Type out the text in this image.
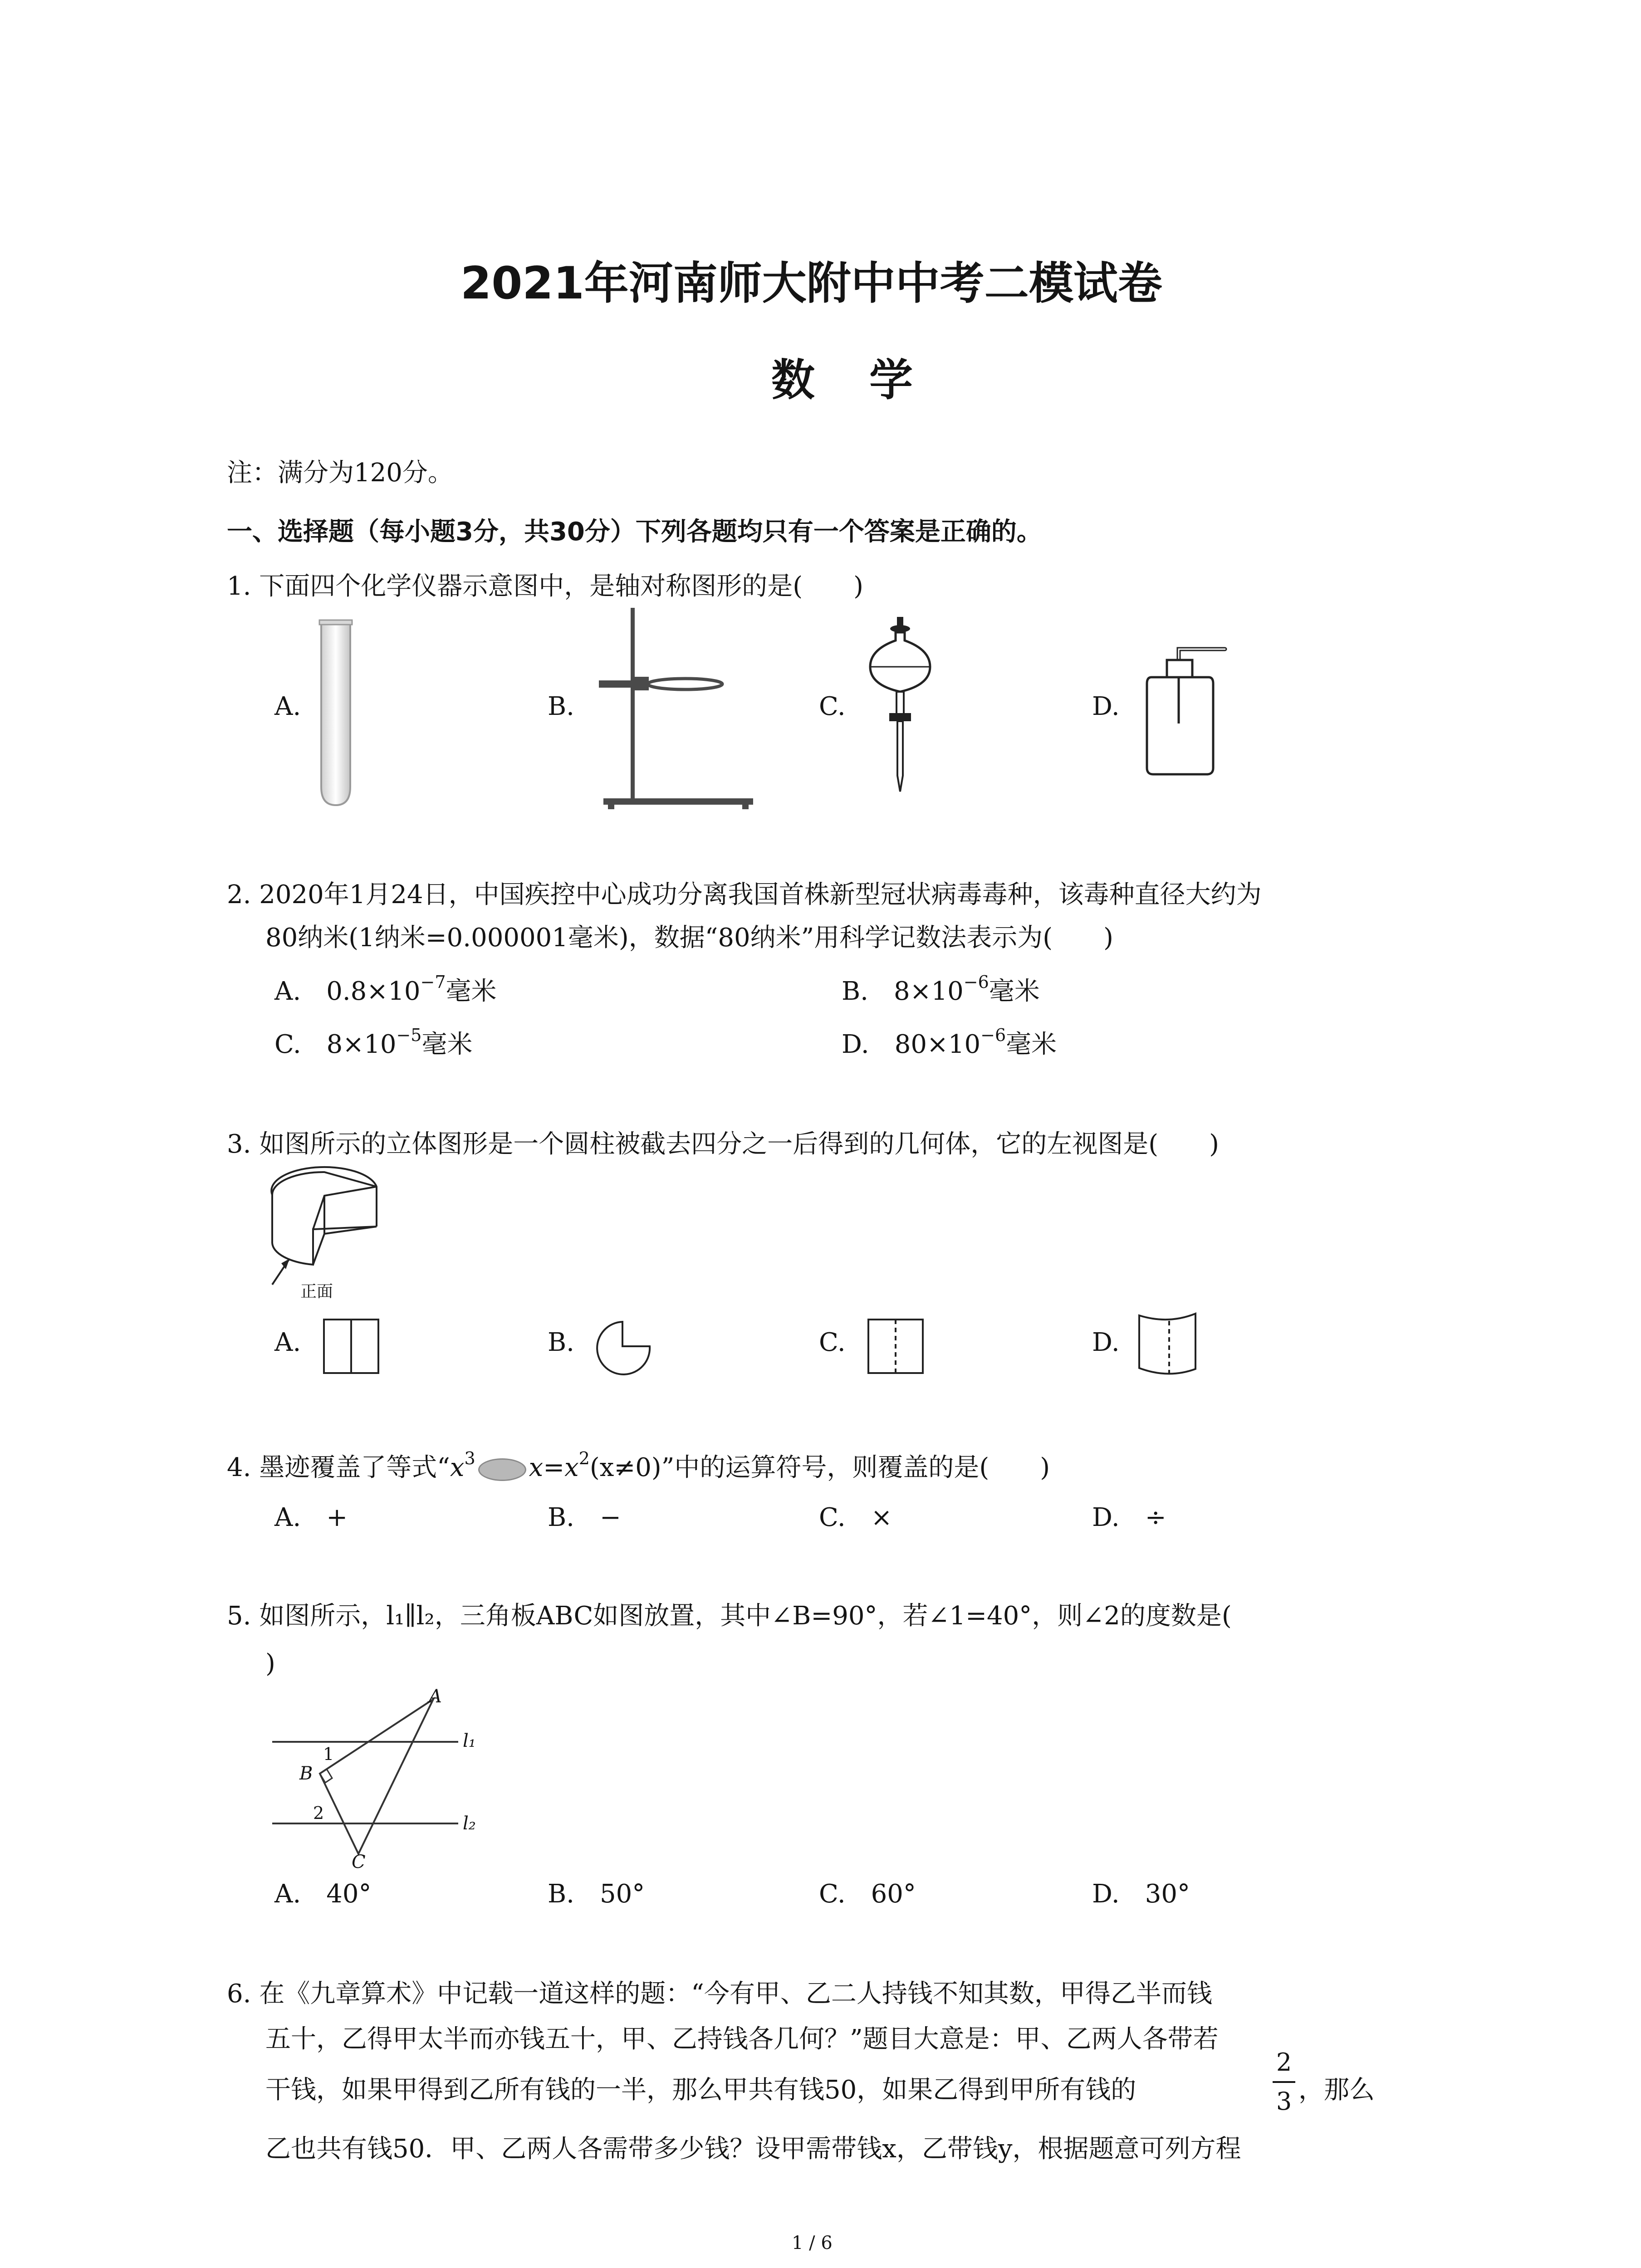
2021年河南师大附中中考二模试卷
数学
注：满分为120分。
一、选择题（每小题3分，共30分）下列各题均只有一个答案是正确的。
1. 下面四个化学仪器示意图中，是轴对称图形的是(　　)
A.	B.	C.	D.
2. 2020年1月24日，中国疾控中心成功分离我国首株新型冠状病毒毒种，该毒种直径大约为
80纳米(1纳米=0.000001毫米)，数据“80纳米”用科学记数法表示为(　　)
A.　 $0.8\times 10^{-7}$毫米	B.　 $8\times 10^{-6}$毫米
C.　 $8\times 10^{-5}$毫米	D.　 $80\times 10^{-6}$毫米
3. 如图所示的立体图形是一个圆柱被截去四分之一后得到的几何体，它的左视图是(　　)
正面
A.	B.	C.	D.
4. 墨迹覆盖了等式“$x^3$ $x=x^2(x\ne 0)$”中的运算符号，则覆盖的是(　　)
A.　+	B.　−	C.　×	D.　÷
5. 如图所示，l₁∥l₂，三角板ABC如图放置，其中∠B=90°，若∠1=40°，则∠2的度数是(
)
A
B
C
1
2
l₁
l₂
A.　40°	B.　50°	C.　60°	D.　30°
6. 在《九章算术》中记载一道这样的题：“今有甲、乙二人持钱不知其数，甲得乙半而钱
五十，乙得甲太半而亦钱五十，甲、乙持钱各几何？”题目大意是：甲、乙两人各带若
干钱，如果甲得到乙所有钱的一半，那么甲共有钱50，如果乙得到甲所有钱的
2
3 ，那么
乙也共有钱50．甲、乙两人各需带多少钱？设甲需带钱x，乙带钱y，根据题意可列方程
1 / 6
